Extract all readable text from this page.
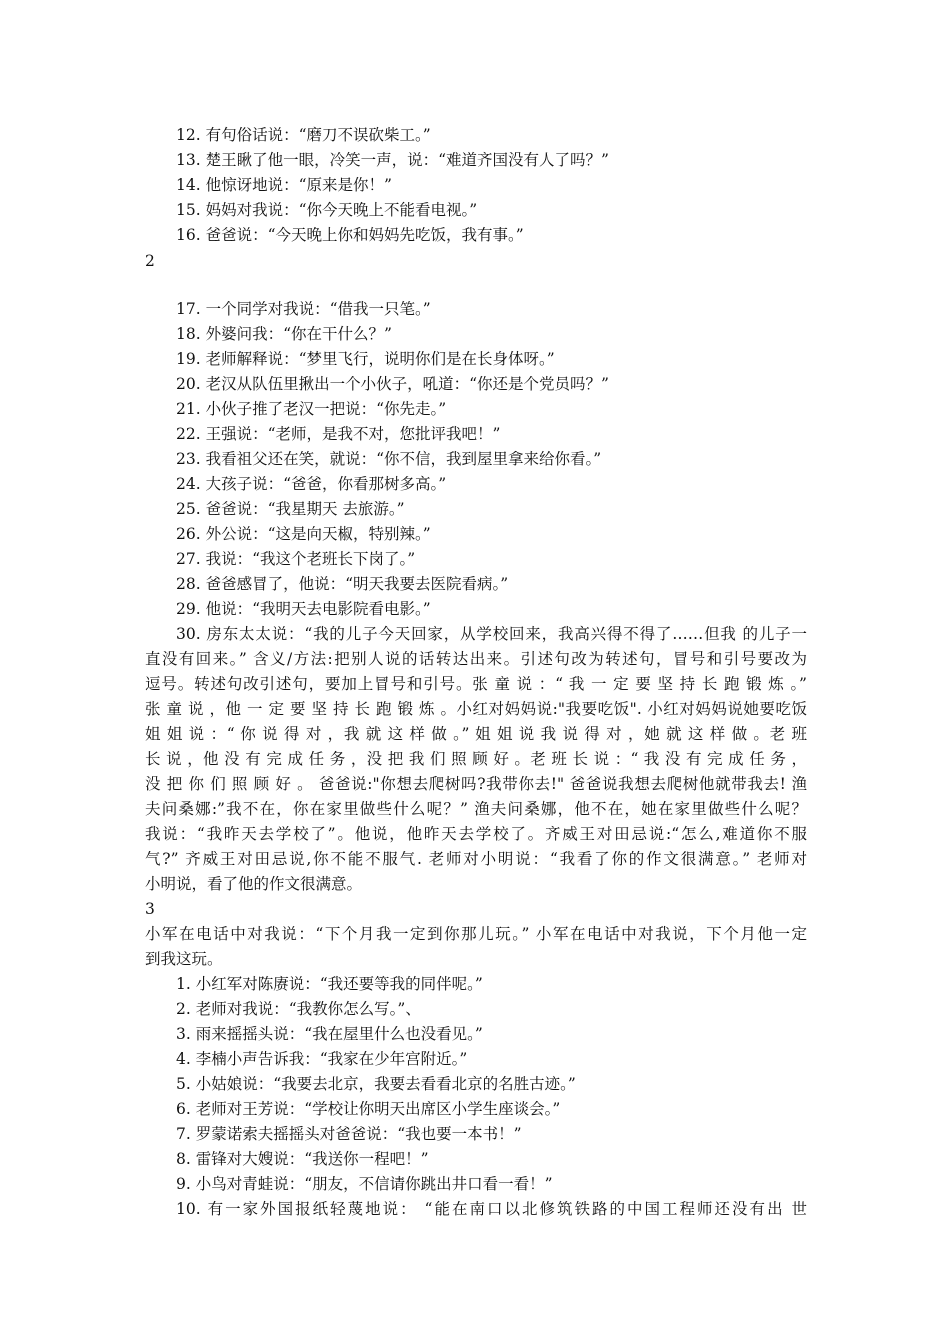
12. 有句俗话说：“磨刀不误砍柴工。”
13. 楚王瞅了他一眼，冷笑一声，说：“难道齐国没有人了吗？”
14. 他惊讶地说：“原来是你！”
15. 妈妈对我说：“你今天晚上不能看电视。”
16. 爸爸说：“今天晚上你和妈妈先吃饭，我有事。”
2
17. 一个同学对我说：“借我一只笔。”
18. 外婆问我：“你在干什么？”
19. 老师解释说：“梦里飞行，说明你们是在长身体呀。”
20. 老汉从队伍里揪出一个小伙子，吼道：“你还是个党员吗？”
21. 小伙子推了老汉一把说：“你先走。”
22. 王强说：“老师，是我不对，您批评我吧！”
23. 我看祖父还在笑，就说：“你不信，我到屋里拿来给你看。”
24. 大孩子说：“爸爸，你看那树多高。”
25. 爸爸说：“我星期天 去旅游。”
26. 外公说：“这是向天椒，特别辣。”
27. 我说：“我这个老班长下岗了。”
28. 爸爸感冒了，他说：“明天我要去医院看病。”
29. 他说：“我明天去电影院看电影。”
30. 房东太太说：“我的儿子今天回家，从学校回来，我高兴得不得了……但我 的儿子一
直没有回来。” 含义/方法:把别人说的话转达出来。引述句改为转述句，冒号和引号要改为
逗号。转述句改引述句，要加上冒号和引号。张 童 说 ：“ 我 一 定 要 坚 持 长 跑 锻 炼 。”
张 童 说 ，他 一 定 要 坚 持 长 跑 锻 炼 。小红对妈妈说:"我要吃饭". 小红对妈妈说她要吃饭
姐 姐 说 ：“ 你 说 得 对 ，我 就 这 样 做 。” 姐 姐 说 我 说 得 对 ，她 就 这 样 做 。老 班
长 说 ，他 没 有 完 成 任 务 ，没 把 我 们 照 顾 好 。老 班 长 说 ：“ 我 没 有 完 成 任 务 ，
没 把 你 们 照 顾 好 。 爸爸说:"你想去爬树吗?我带你去!" 爸爸说我想去爬树他就带我去! 渔
夫问桑娜:”我不在，你在家里做些什么呢？” 渔夫问桑娜，他不在，她在家里做些什么呢？
我说：“我昨天去学校了”。他说，他昨天去学校了。齐威王对田忌说:“怎么,难道你不服
气?” 齐威王对田忌说,你不能不服气. 老师对小明说：“我看了你的作文很满意。” 老师对
小明说，看了他的作文很满意。
3
小军在电话中对我说：“下个月我一定到你那儿玩。” 小军在电话中对我说，下个月他一定
到我这玩。
1. 小红军对陈赓说：“我还要等我的同伴呢。”
2. 老师对我说：“我教你怎么写。”、
3. 雨来摇摇头说：“我在屋里什么也没看见。”
4. 李楠小声告诉我：“我家在少年宫附近。”
5. 小姑娘说：“我要去北京，我要去看看北京的名胜古迹。”
6. 老师对王芳说：“学校让你明天出席区小学生座谈会。”
7. 罗蒙诺索夫摇摇头对爸爸说：“我也要一本书！”
8. 雷锋对大嫂说：“我送你一程吧！”
9. 小鸟对青蛙说：“朋友，不信请你跳出井口看一看！”
10. 有一家外国报纸轻蔑地说： “能在南口以北修筑铁路的中国工程师还没有出 世
